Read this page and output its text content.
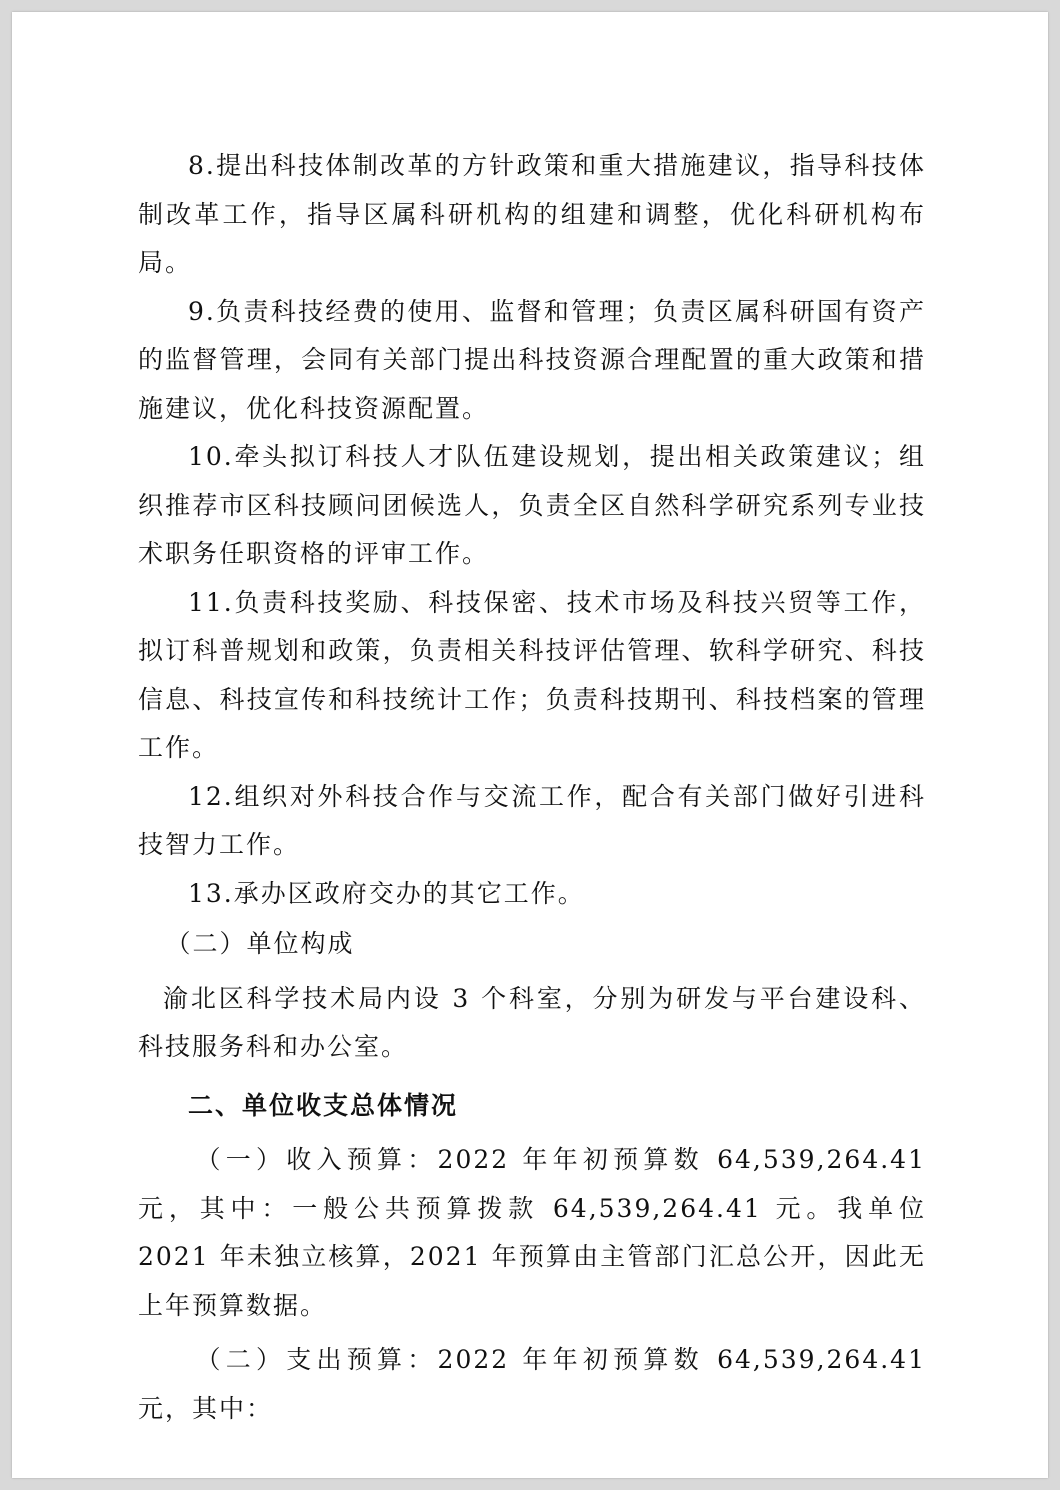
8.提出科技体制改革的方针政策和重大措施建议，指导科技体制改革工作，指导区属科研机构的组建和调整，优化科研机构布局。

9.负责科技经费的使用、监督和管理；负责区属科研国有资产的监督管理，会同有关部门提出科技资源合理配置的重大政策和措施建议，优化科技资源配置。

10.牵头拟订科技人才队伍建设规划，提出相关政策建议；组织推荐市区科技顾问团候选人，负责全区自然科学研究系列专业技术职务任职资格的评审工作。

11.负责科技奖励、科技保密、技术市场及科技兴贸等工作，拟订科普规划和政策，负责相关科技评估管理、软科学研究、科技信息、科技宣传和科技统计工作；负责科技期刊、科技档案的管理工作。

12.组织对外科技合作与交流工作，配合有关部门做好引进科技智力工作。

13.承办区政府交办的其它工作。

（二）单位构成

渝北区科学技术局内设 3 个科室，分别为研发与平台建设科、科技服务科和办公室。

二、单位收支总体情况

（一）收入预算：2022 年年初预算数 64,539,264.41 元，其中：一般公共预算拨款 64,539,264.41 元。我单位 2021 年未独立核算，2021 年预算由主管部门汇总公开，因此无上年预算数据。

（二）支出预算：2022 年年初预算数 64,539,264.41 元，其中：
